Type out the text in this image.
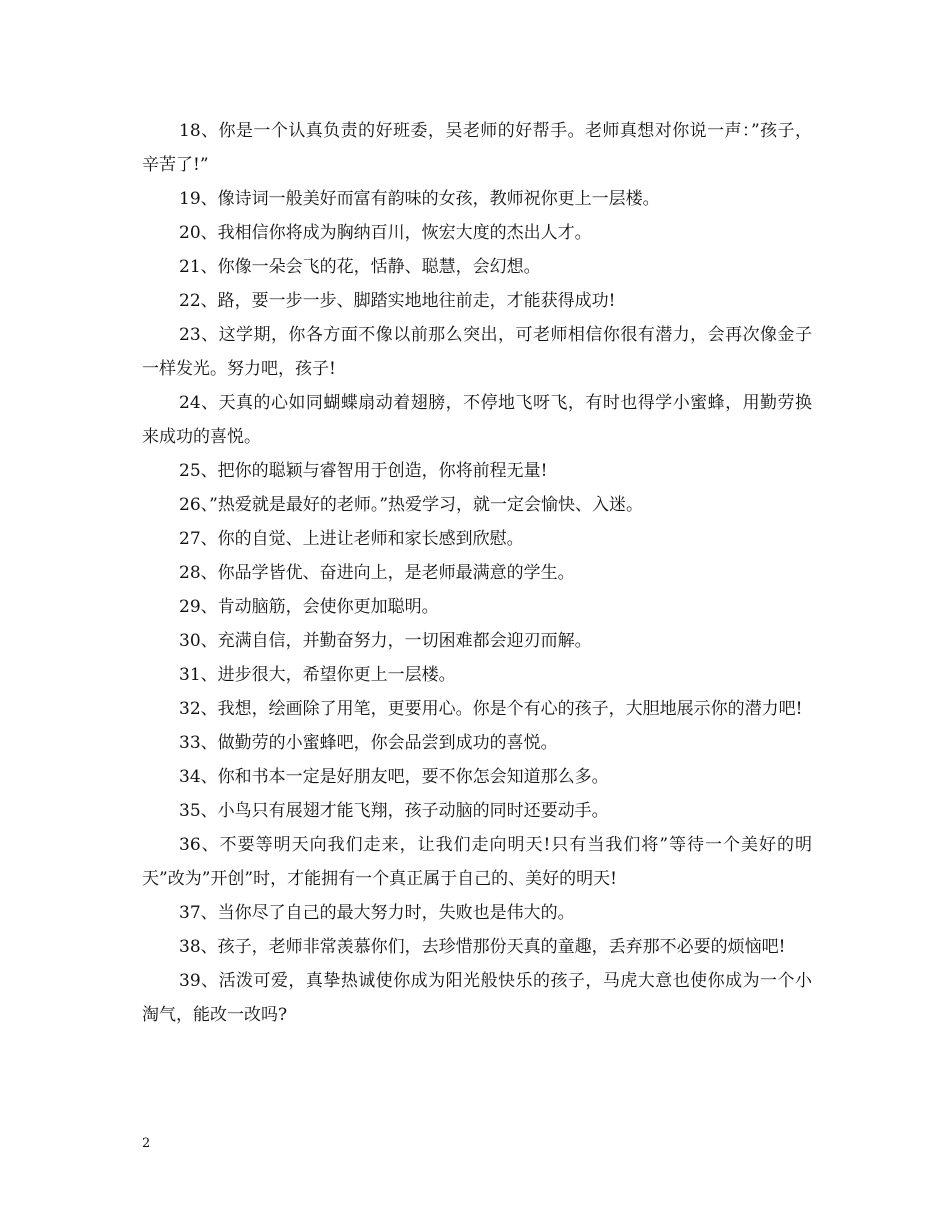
18、你是一个认真负责的好班委，吴老师的好帮手。老师真想对你说一声：”孩子，辛苦了!”

19、像诗词一般美好而富有韵味的女孩，教师祝你更上一层楼。

20、我相信你将成为胸纳百川，恢宏大度的杰出人才。

21、你像一朵会飞的花，恬静、聪慧，会幻想。

22、路，要一步一步、脚踏实地地往前走，才能获得成功!

23、这学期，你各方面不像以前那么突出，可老师相信你很有潜力，会再次像金子一样发光。努力吧，孩子!

24、天真的心如同蝴蝶扇动着翅膀，不停地飞呀飞，有时也得学小蜜蜂，用勤劳换来成功的喜悦。

25、把你的聪颖与睿智用于创造，你将前程无量!

26、”热爱就是最好的老师。”热爱学习，就一定会愉快、入迷。

27、你的自觉、上进让老师和家长感到欣慰。

28、你品学皆优、奋进向上，是老师最满意的学生。

29、肯动脑筋，会使你更加聪明。

30、充满自信，并勤奋努力，一切困难都会迎刃而解。

31、进步很大，希望你更上一层楼。

32、我想，绘画除了用笔，更要用心。你是个有心的孩子，大胆地展示你的潜力吧!

33、做勤劳的小蜜蜂吧，你会品尝到成功的喜悦。

34、你和书本一定是好朋友吧，要不你怎会知道那么多。

35、小鸟只有展翅才能飞翔，孩子动脑的同时还要动手。

36、不要等明天向我们走来，让我们走向明天!只有当我们将”等待一个美好的明天”改为”开创”时，才能拥有一个真正属于自己的、美好的明天!

37、当你尽了自己的最大努力时，失败也是伟大的。

38、孩子，老师非常羡慕你们，去珍惜那份天真的童趣，丢弃那不必要的烦恼吧!

39、活泼可爱，真挚热诚使你成为阳光般快乐的孩子，马虎大意也使你成为一个小淘气，能改一改吗?

2
